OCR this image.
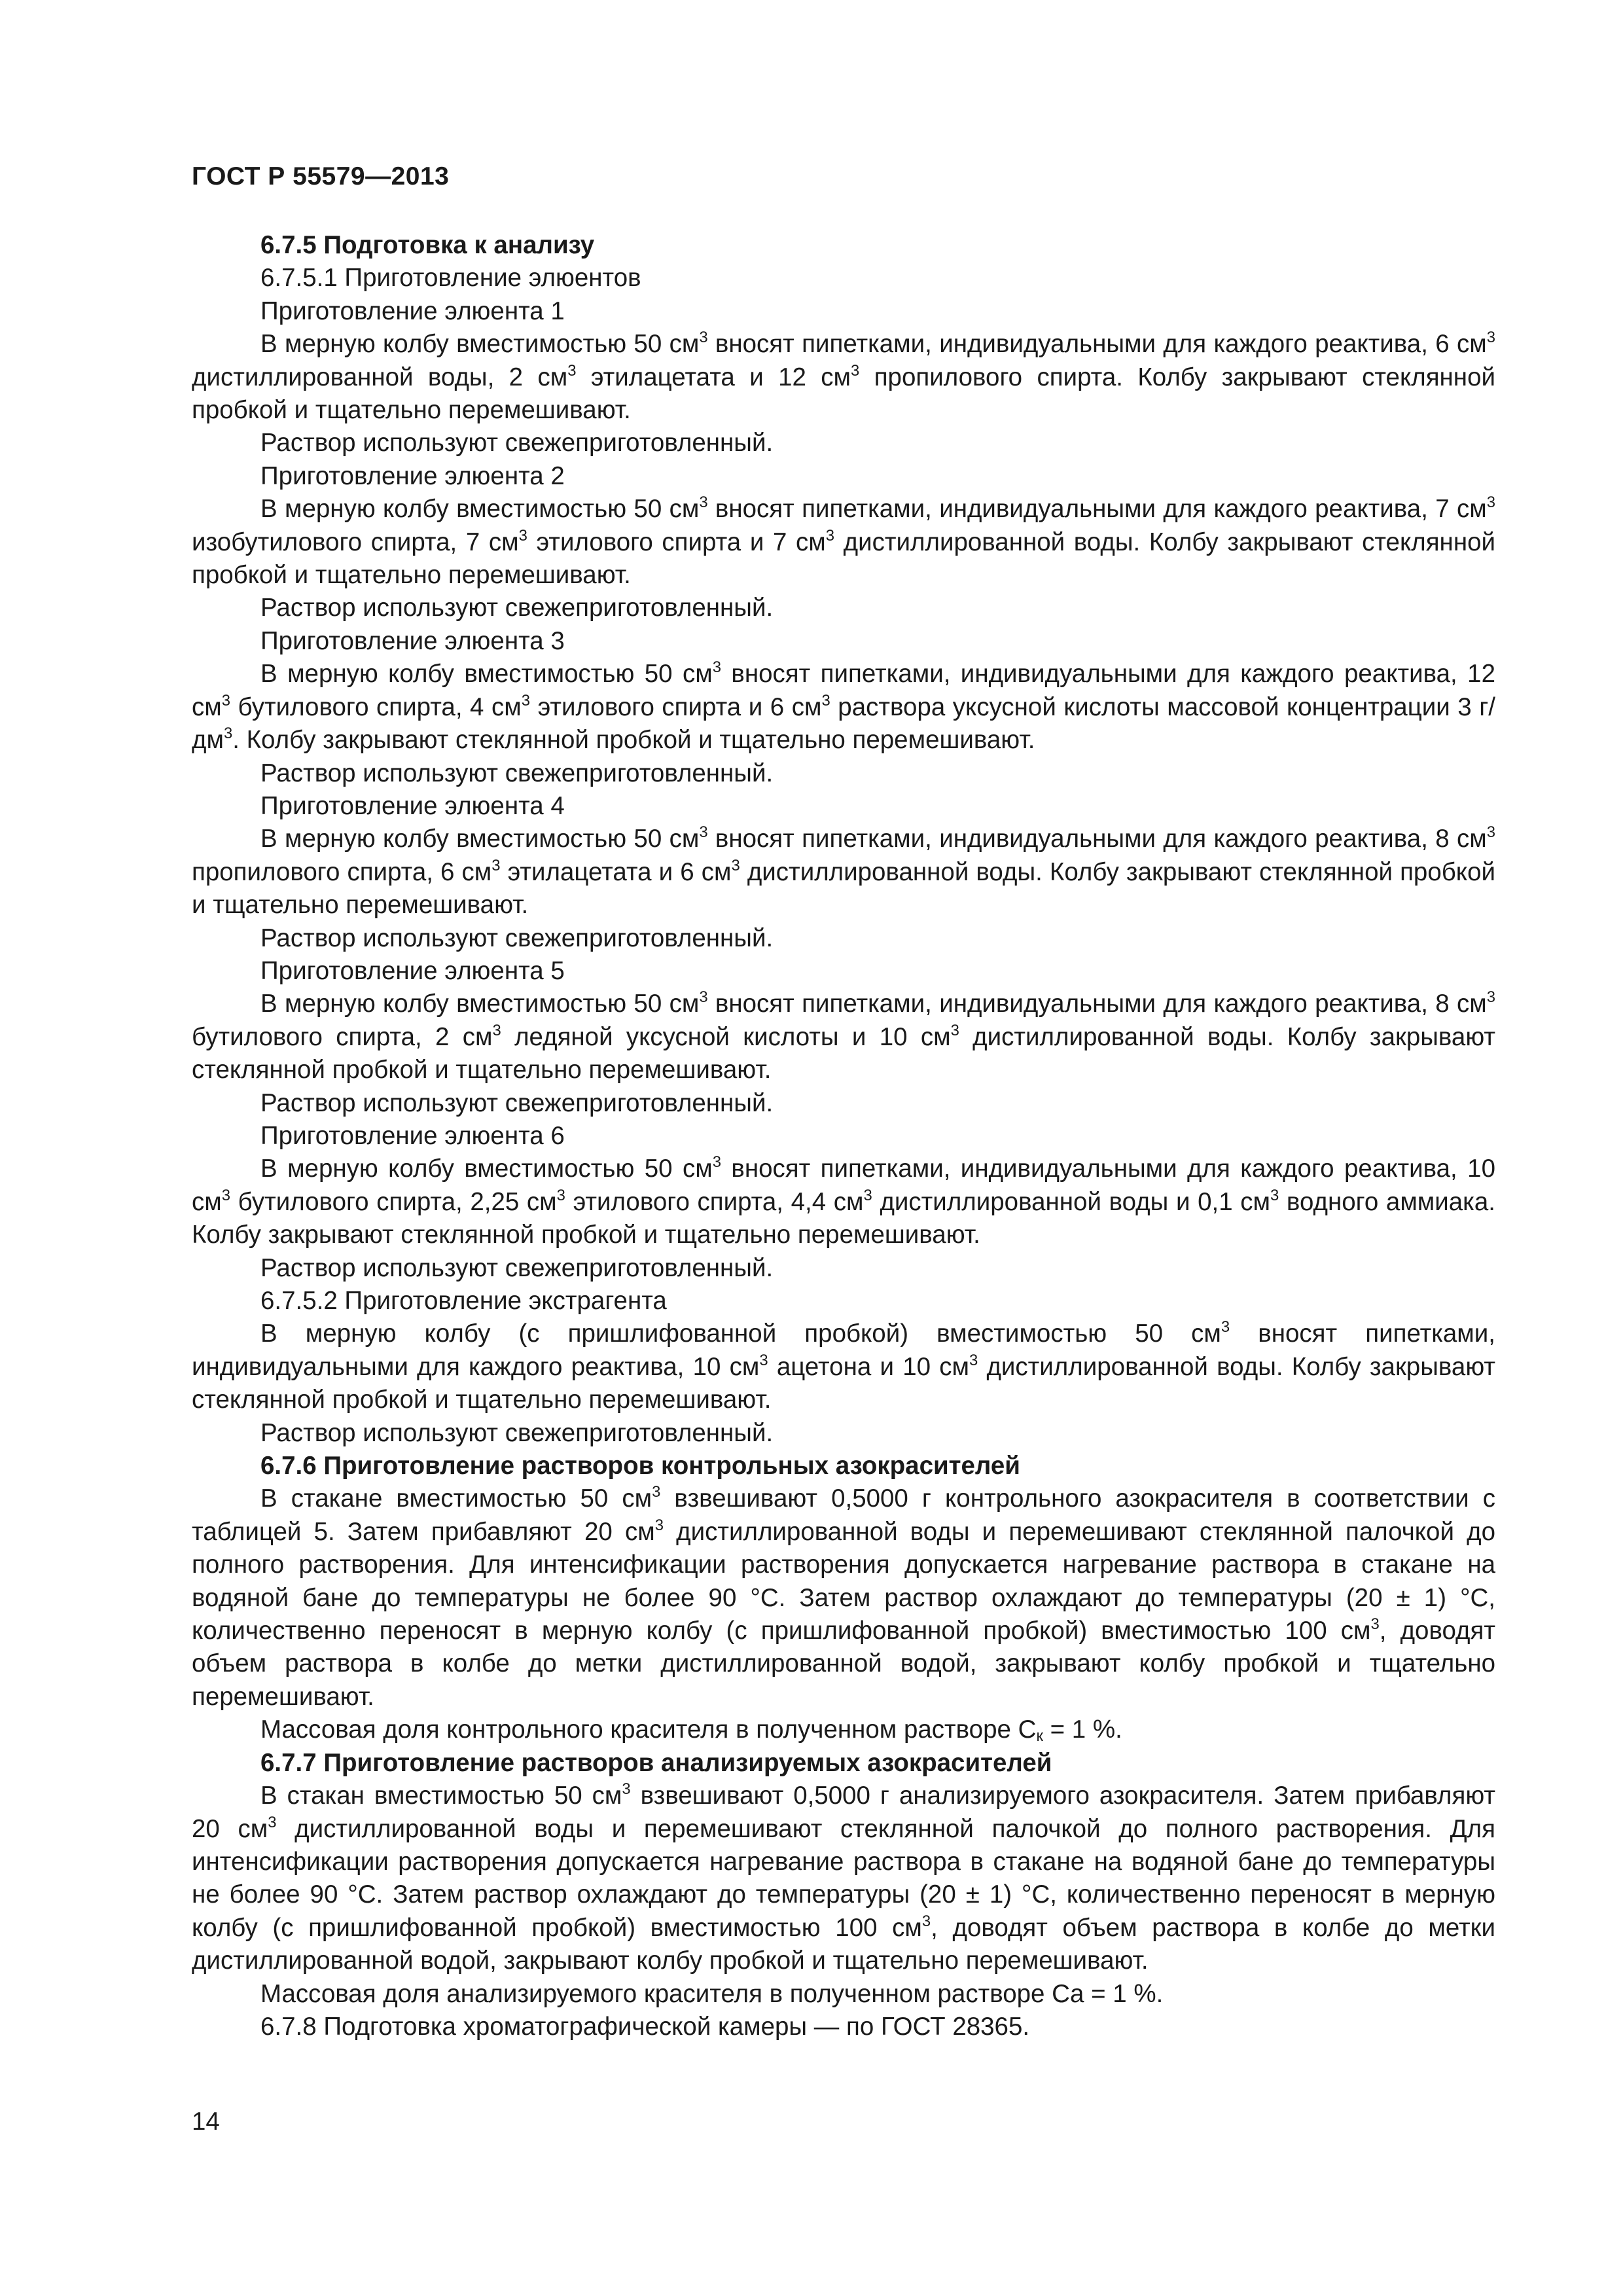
ГОСТ Р 55579—2013

6.7.5 Подготовка к анализу

6.7.5.1 Приготовление элюентов

Приготовление элюента 1

В мерную колбу вместимостью 50 $см^3$ вносят пипетками, индивидуальными для каждого реактива, 6 $см^3$ дистиллированной воды, 2 $см^3$ этилацетата и 12 $см^3$ пропилового спирта. Колбу закрывают стеклянной пробкой и тщательно перемешивают.

Раствор используют свежеприготовленный.

Приготовление элюента 2

В мерную колбу вместимостью 50 $см^3$ вносят пипетками, индивидуальными для каждого реактива, 7 $см^3$ изобутилового спирта, 7 $см^3$ этилового спирта и 7 $см^3$ дистиллированной воды. Колбу закрывают стеклянной пробкой и тщательно перемешивают.

Раствор используют свежеприготовленный.

Приготовление элюента 3

В мерную колбу вместимостью 50 $см^3$ вносят пипетками, индивидуальными для каждого реактива, 12 $см^3$ бутилового спирта, 4 $см^3$ этилового спирта и 6 $см^3$ раствора уксусной кислоты массовой концентрации 3 $г/дм^3$. Колбу закрывают стеклянной пробкой и тщательно перемешивают.

Раствор используют свежеприготовленный.

Приготовление элюента 4

В мерную колбу вместимостью 50 $см^3$ вносят пипетками, индивидуальными для каждого реактива, 8 $см^3$ пропилового спирта, 6 $см^3$ этилацетата и 6 $см^3$ дистиллированной воды. Колбу закрывают стеклянной пробкой и тщательно перемешивают.

Раствор используют свежеприготовленный.

Приготовление элюента 5

В мерную колбу вместимостью 50 $см^3$ вносят пипетками, индивидуальными для каждого реактива, 8 $см^3$ бутилового спирта, 2 $см^3$ ледяной уксусной кислоты и 10 $см^3$ дистиллированной воды. Колбу закрывают стеклянной пробкой и тщательно перемешивают.

Раствор используют свежеприготовленный.

Приготовление элюента 6

В мерную колбу вместимостью 50 $см^3$ вносят пипетками, индивидуальными для каждого реактива, 10 $см^3$ бутилового спирта, 2,25 $см^3$ этилового спирта, 4,4 $см^3$ дистиллированной воды и 0,1 $см^3$ водного аммиака. Колбу закрывают стеклянной пробкой и тщательно перемешивают.

Раствор используют свежеприготовленный.

6.7.5.2 Приготовление экстрагента

В мерную колбу (с пришлифованной пробкой) вместимостью 50 $см^3$ вносят пипетками, индивидуальными для каждого реактива, 10 $см^3$ ацетона и 10 $см^3$ дистиллированной воды. Колбу закрывают стеклянной пробкой и тщательно перемешивают.

Раствор используют свежеприготовленный.

6.7.6 Приготовление растворов контрольных азокрасителей

В стакане вместимостью 50 $см^3$ взвешивают 0,5000 г контрольного азокрасителя в соответствии с таблицей 5. Затем прибавляют 20 $см^3$ дистиллированной воды и перемешивают стеклянной палочкой до полного растворения. Для интенсификации растворения допускается нагревание раствора в стакане на водяной бане до температуры не более 90 °С. Затем раствор охлаждают до температуры (20 ± 1) °С, количественно переносят в мерную колбу (с пришлифованной пробкой) вместимостью 100 $см^3$, доводят объем раствора в колбе до метки дистиллированной водой, закрывают колбу пробкой и тщательно перемешивают.

Массовая доля контрольного красителя в полученном растворе $C_к = 1$ %.

6.7.7 Приготовление растворов анализируемых азокрасителей

В стакан вместимостью 50 $см^3$ взвешивают 0,5000 г анализируемого азокрасителя. Затем прибавляют 20 $см^3$ дистиллированной воды и перемешивают стеклянной палочкой до полного растворения. Для интенсификации растворения допускается нагревание раствора в стакане на водяной бане до температуры не более 90 °С. Затем раствор охлаждают до температуры (20 ± 1) °С, количественно переносят в мерную колбу (с пришлифованной пробкой) вместимостью 100 $см^3$, доводят объем раствора в колбе до метки дистиллированной водой, закрывают колбу пробкой и тщательно перемешивают.

Массовая доля анализируемого красителя в полученном растворе Cа = 1 %.

6.7.8 Подготовка хроматографической камеры — по ГОСТ 28365.

14
